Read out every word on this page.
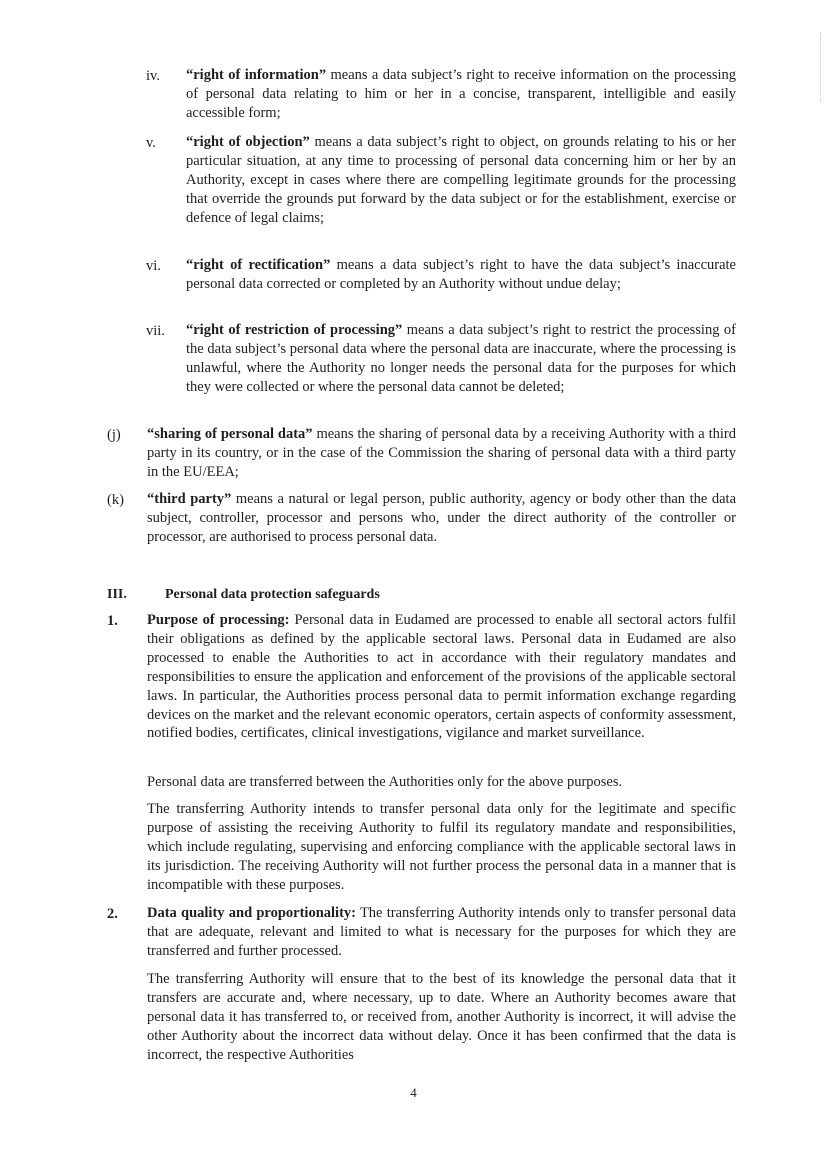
iv. “right of information” means a data subject’s right to receive information on the processing of personal data relating to him or her in a concise, transparent, intelligible and easily accessible form;
v. “right of objection” means a data subject’s right to object, on grounds relating to his or her particular situation, at any time to processing of personal data concerning him or her by an Authority, except in cases where there are compelling legitimate grounds for the processing that override the grounds put forward by the data subject or for the establishment, exercise or defence of legal claims;
vi. “right of rectification” means a data subject’s right to have the data subject’s inaccurate personal data corrected or completed by an Authority without undue delay;
vii. “right of restriction of processing” means a data subject’s right to restrict the processing of the data subject’s personal data where the personal data are inaccurate, where the processing is unlawful, where the Authority no longer needs the personal data for the purposes for which they were collected or where the personal data cannot be deleted;
(j) “sharing of personal data” means the sharing of personal data by a receiving Authority with a third party in its country, or in the case of the Commission the sharing of personal data with a third party in the EU/EEA;
(k) “third party” means a natural or legal person, public authority, agency or body other than the data subject, controller, processor and persons who, under the direct authority of the controller or processor, are authorised to process personal data.
III.	Personal data protection safeguards
1. Purpose of processing: Personal data in Eudamed are processed to enable all sectoral actors fulfil their obligations as defined by the applicable sectoral laws. Personal data in Eudamed are also processed to enable the Authorities to act in accordance with their regulatory mandates and responsibilities to ensure the application and enforcement of the provisions of the applicable sectoral laws. In particular, the Authorities process personal data to permit information exchange regarding devices on the market and the relevant economic operators, certain aspects of conformity assessment, notified bodies, certificates, clinical investigations, vigilance and market surveillance.
Personal data are transferred between the Authorities only for the above purposes.
The transferring Authority intends to transfer personal data only for the legitimate and specific purpose of assisting the receiving Authority to fulfil its regulatory mandate and responsibilities, which include regulating, supervising and enforcing compliance with the applicable sectoral laws in its jurisdiction. The receiving Authority will not further process the personal data in a manner that is incompatible with these purposes.
2. Data quality and proportionality: The transferring Authority intends only to transfer personal data that are adequate, relevant and limited to what is necessary for the purposes for which they are transferred and further processed.
The transferring Authority will ensure that to the best of its knowledge the personal data that it transfers are accurate and, where necessary, up to date. Where an Authority becomes aware that personal data it has transferred to, or received from, another Authority is incorrect, it will advise the other Authority about the incorrect data without delay. Once it has been confirmed that the data is incorrect, the respective Authorities
4
